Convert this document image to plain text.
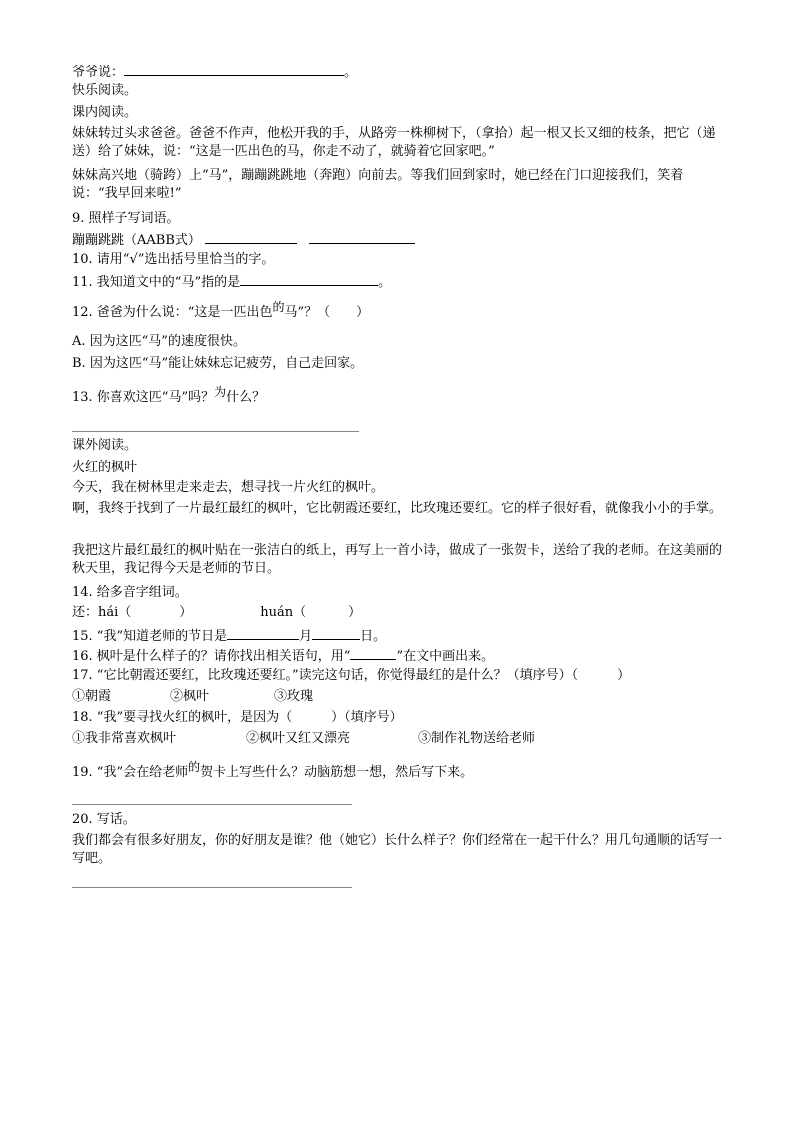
爷爷说：	。
快乐阅读。
课内阅读。
妹妹转过头求爸爸。爸爸不作声，他松开我的手，从路旁一株柳树下，（拿拾）起一根又长又细的枝条，把它（递送）给了妹妹，说：“这是一匹出色的马，你走不动了，就骑着它回家吧。”
妹妹高兴地（骑跨）上“马”，蹦蹦跳跳地（奔跑）向前去。等我们回到家时，她已经在门口迎接我们，笑着说：“我早回来啦!”
9. 照样子写词语。
蹦蹦跳跳（AABB式）
10. 请用“√”选出括号里恰当的字。
11. 我知道文中的“马”指的是	。
12. 爸爸为什么说：“这是一匹出色的马”？（　　）
A. 因为这匹“马”的速度很快。
B. 因为这匹“马”能让妹妹忘记疲劳，自己走回家。
13. 你喜欢这匹“马”吗？为什么？
课外阅读。
火红的枫叶
今天，我在树林里走来走去，想寻找一片火红的枫叶。
啊，我终于找到了一片最红最红的枫叶，它比朝霞还要红，比玫瑰还要红。它的样子很好看，就像我小小的手掌。
我把这片最红最红的枫叶贴在一张洁白的纸上，再写上一首小诗，做成了一张贺卡，送给了我的老师。在这美丽的秋天里，我记得今天是老师的节日。
14. 给多音字组词。
还：hái（	）	huán（	）
15. “我”知道老师的节日是	月	日。
16. 枫叶是什么样子的？请你找出相关语句，用“	”在文中画出来。
17. “它比朝霞还要红，比玫瑰还要红。”读完这句话，你觉得最红的是什么？（填序号）（　　　）
①朝霞	②枫叶	③玫瑰
18. “我”要寻找火红的枫叶，是因为（　　　）（填序号）
①我非常喜欢枫叶	②枫叶又红又漂亮	③制作礼物送给老师
19. “我”会在给老师的贺卡上写些什么？动脑筋想一想，然后写下来。
20. 写话。
我们都会有很多好朋友，你的好朋友是谁？他（她它）长什么样子？你们经常在一起干什么？用几句通顺的话写一写吧。
